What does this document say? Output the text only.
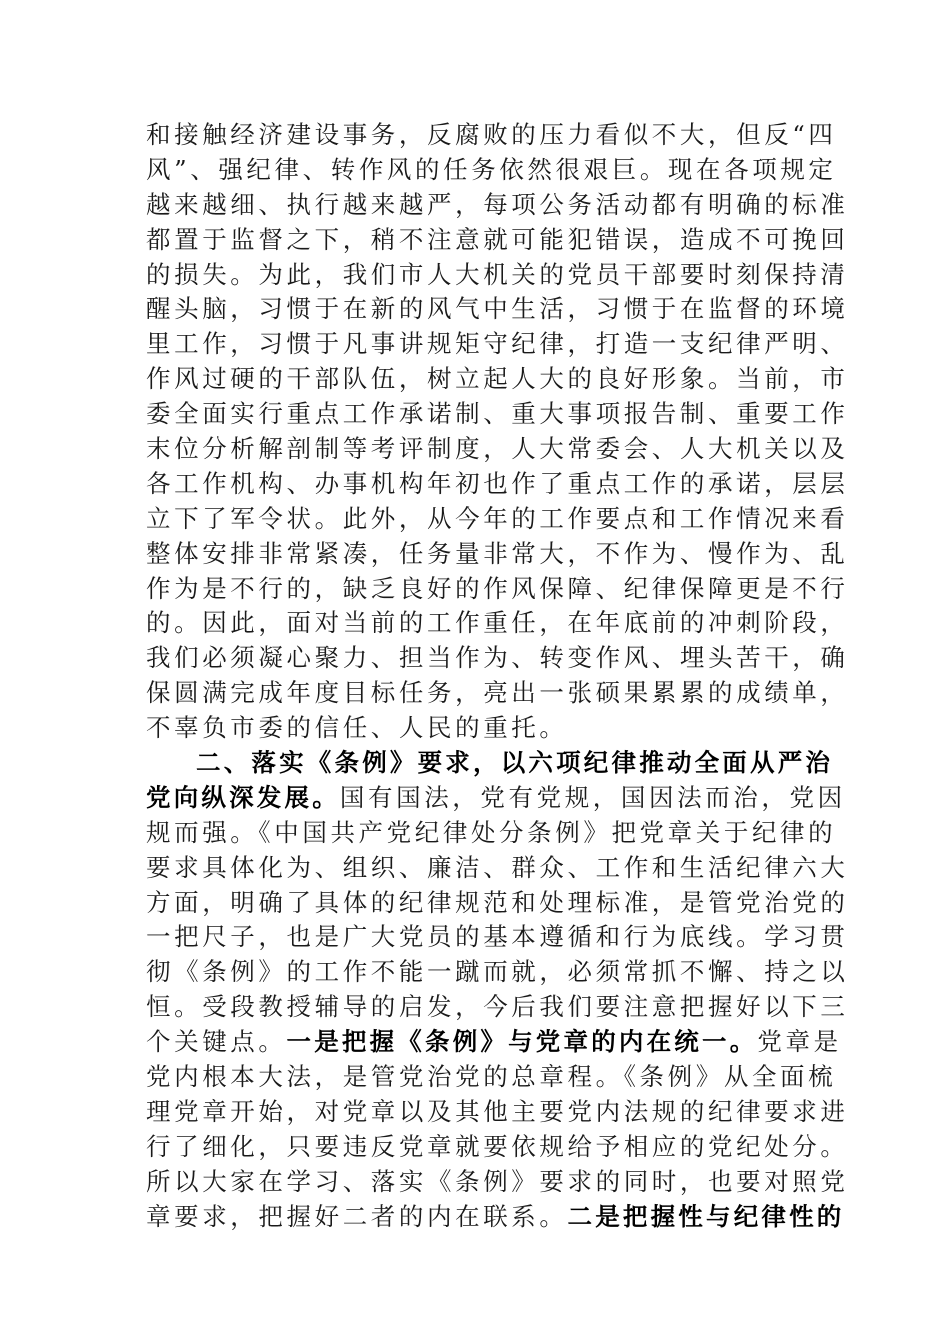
和接触经济建设事务，反腐败的压力看似不大，但反“四
风”、强纪律、转作风的任务依然很艰巨。现在各项规定
越来越细、执行越来越严，每项公务活动都有明确的标准
都置于监督之下，稍不注意就可能犯错误，造成不可挽回
的损失。为此，我们市人大机关的党员干部要时刻保持清
醒头脑，习惯于在新的风气中生活，习惯于在监督的环境
里工作，习惯于凡事讲规矩守纪律，打造一支纪律严明、
作风过硬的干部队伍，树立起人大的良好形象。当前，市
委全面实行重点工作承诺制、重大事项报告制、重要工作
末位分析解剖制等考评制度，人大常委会、人大机关以及
各工作机构、办事机构年初也作了重点工作的承诺，层层
立下了军令状。此外，从今年的工作要点和工作情况来看
整体安排非常紧凑，任务量非常大，不作为、慢作为、乱
作为是不行的，缺乏良好的作风保障、纪律保障更是不行
的。因此，面对当前的工作重任，在年底前的冲刺阶段，
我们必须凝心聚力、担当作为、转变作风、埋头苦干，确
保圆满完成年度目标任务，亮出一张硕果累累的成绩单，
不辜负市委的信任、人民的重托。
二、落实《条例》要求，以六项纪律推动全面从严治
党向纵深发展。国有国法，党有党规，国因法而治，党因
规而强。《中国共产党纪律处分条例》把党章关于纪律的
要求具体化为、组织、廉洁、群众、工作和生活纪律六大
方面，明确了具体的纪律规范和处理标准，是管党治党的
一把尺子，也是广大党员的基本遵循和行为底线。学习贯
彻《条例》的工作不能一蹴而就，必须常抓不懈、持之以
恒。受段教授辅导的启发，今后我们要注意把握好以下三
个关键点。一是把握《条例》与党章的内在统一。党章是
党内根本大法，是管党治党的总章程。《条例》从全面梳
理党章开始，对党章以及其他主要党内法规的纪律要求进
行了细化，只要违反党章就要依规给予相应的党纪处分。
所以大家在学习、落实《条例》要求的同时，也要对照党
章要求，把握好二者的内在联系。二是把握性与纪律性的
